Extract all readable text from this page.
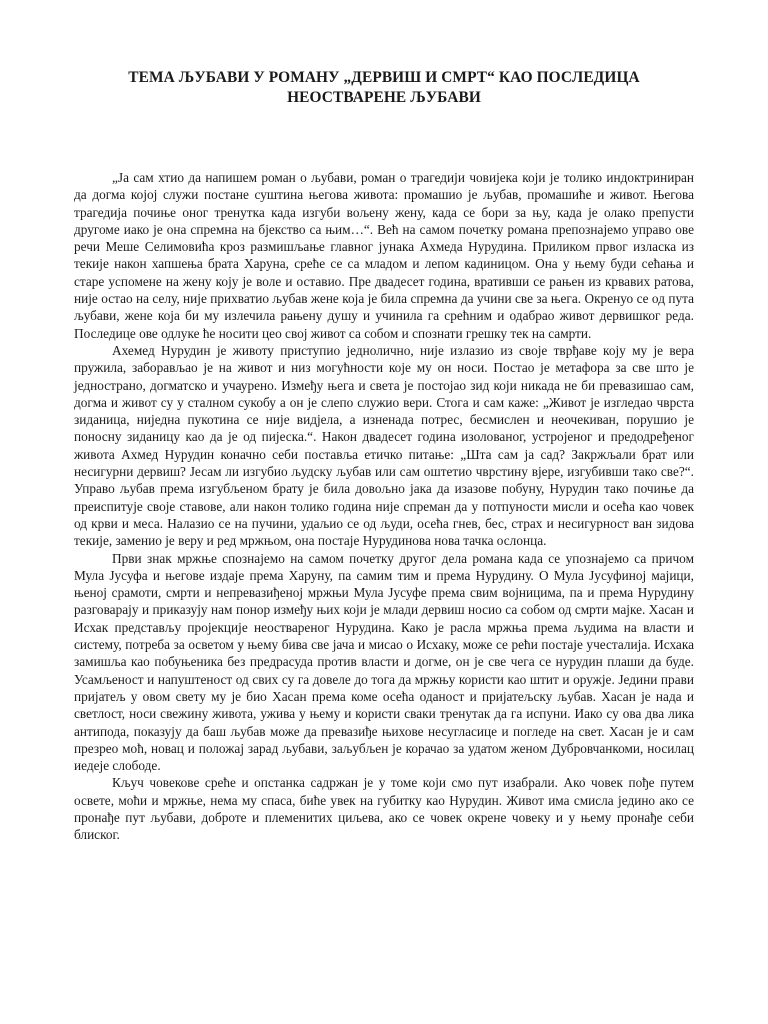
ТЕМА ЉУБАВИ У РОМАНУ „ДЕРВИШ И СМРТ“ КАО ПОСЛЕДИЦА
НЕОСТВАРЕНЕ ЉУБАВИ

„Ја сам хтио да напишем роман о љубави, роман о трагедији човијека који је толико индоктриниран да догма којој служи постане суштина његова живота: промашио је љубав, промашиће и живот. Његова трагедија почиње оног тренутка када изгуби вољену жену, када се бори за њу, када је олако препусти другоме иако је она спремна на бјекство са њим…“. Већ на самом почетку романа препознајемо управо ове речи Меше Селимовића кроз размишљање главног јунака Ахмеда Нурудина. Приликом првог изласка из текије након хапшења брата Харуна, среће се са младом и лепом кадиницом. Она у њему буди сећања и старе успомене на жену коју је воле и оставио. Пре двадесет година, вративши се рањен из крвавих ратова, није остао на селу, није прихватио љубав жене која је била спремна да учини све за њега. Окренуо се од пута љубави, жене која би му излечила рањену душу и учинила га срећним и одабрао живот дервишког реда. Последице ове одлуке ће носити цео свој живот са собом и спознати грешку тек на самрти.

Ахемед Нурудин је животу приступио једнолично, није излазио из своје тврђаве коју му је вера пружила, заборављао је на живот и низ могућности које му он носи. Постао је метафора за све што је једнострано, догматско и учаурено. Између њега и света је постојао зид који никада не би превазишао сам, догма и живот су у сталном сукобу а он је слепо служио вери. Стога и сам каже: „Живот је изгледао чврста зиданица, ниједна пукотина се није видјела, а изненада потрес, бесмислен и неочекиван, порушио је поносну зиданицу као да је од пијеска.“. Након двадесет година изолованог, устроjеног и предодређеног живота Ахмед Нурудин коначно себи поставља етичко питање: „Шта сам ја сад? Закржљали брат или несигурни дервиш? Јесам ли изгубио људску љубав или сам оштетио чврстину вјере, изгубивши тако све?“. Управо љубав према изгубљеном брату је била довољно јака да изазове побуну, Нурудин тако почиње да преиспитује своје ставове, али након толико година није спреман да у потпуности мисли и осећа као човек од крви и меса. Налазио се на пучини, удаљио се од људи, осећа гнев, бес, страх и несигурност ван зидова текије, заменио је веру и ред мржњом, она постаје Нурудинова нова тачка ослонца.

Први знак мржње спознајемо на самом почетку другог дела романа када се упознајемо са причом Мула Јусуфа и његове издаје према Харуну, па самим тим и према Нурудину. О Мула Јусуфиној мајици, њеној срамоти, смрти и непревазиђеној мржњи Мула Јусуфе према свим војницима, па и према Нурудину разговарају и приказују нам понор између њих који је млади дервиш носио са собом од смрти мајке. Хасан и Исхак представљу пројекције неоствареног Нурудина. Како је расла мржња према људима на власти и систему, потреба за осветом у њему бива све јача и мисао о Исхаку, може се рећи постаје учесталија. Исхака замишља као побуњеника без предрасуда против власти и догме, он је све чега се нурудин плаши да буде. Усамљеност и напуштеност од свих су га довеле до тога да мржњу користи као штит и оружје. Једини прави пријатељ у овом свету му је био Хасан према коме осећа оданост и пријатељску љубав. Хасан је нада и светлост, носи свежину живота, ужива у њему и користи сваки тренутак да га испуни. Иако су ова два лика антипода, показују да баш љубав може да превазиђе њихове несугласице и погледе на свет. Хасан је и сам презрео моћ, новац и положај зарад љубави, заљубљен је корачао за удатом женом Дубровчанкоми, носилац иедеје слободе.

Кључ човекове среће и опстанка садржан је у томе који смо пут изабрали. Ако човек пође путем освете, моћи и мржње, нема му спаса, биће увек на губитку као Нурудин. Живот има смисла једино ако се пронађе пут љубави, доброте и племенитих циљева, ако се човек окрене човеку и у њему пронађе себи блиског.
